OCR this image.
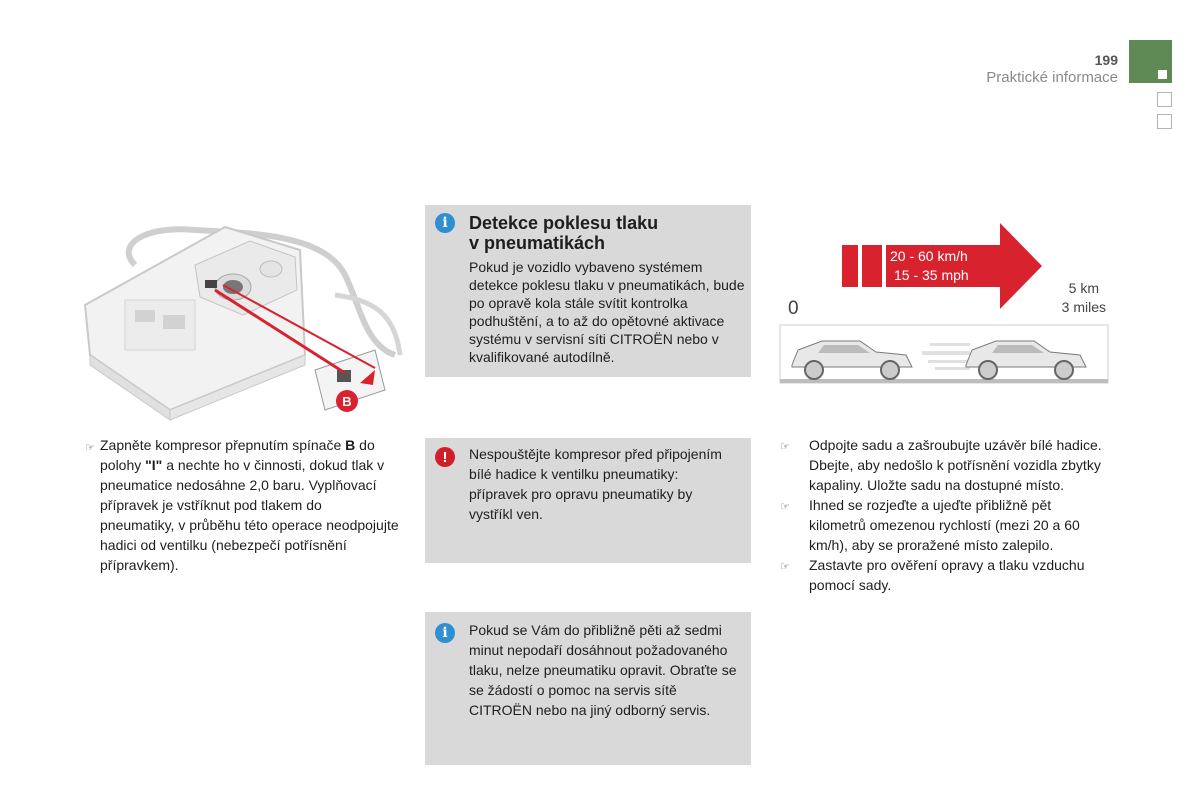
199
Praktické informace
B
i	Detekce poklesu tlaku
v pneumatikách
Pokud je vozidlo vybaveno systémem detekce poklesu tlaku v pneumatikách, bude po opravě kola stále svítit kontrolka podhuštění, a to až do opětovné aktivace systému v servisní síti CITROËN nebo v kvalifikované autodílně.
20 - 60 km/h
15 - 35 mph
0
5 km
3 miles
☞ Zapněte kompresor přepnutím spínače B do polohy "I" a nechte ho v činnosti, dokud tlak v pneumatice nedosáhne 2,0 baru. Vyplňovací přípravek je vstříknut pod tlakem do pneumatiky, v průběhu této operace neodpojujte hadici od ventilku (nebezpečí potřísnění přípravkem).

!	Nespouštějte kompresor před připojením bílé hadice k ventilku pneumatiky: přípravek pro opravu pneumatiky by vystříkl ven.
i	Pokud se Vám do přibližně pěti až sedmi minut nepodaří dosáhnout požadovaného tlaku, nelze pneumatiku opravit. Obraťte se se žádostí o pomoc na servis sítě CITROËN nebo na jiný odborný servis.
☞	Odpojte sadu a zašroubujte uzávěr bílé hadice.
Dbejte, aby nedošlo k potřísnění vozidla zbytky kapaliny. Uložte sadu na dostupné místo.
☞	Ihned se rozjeďte a ujeďte přibližně pět kilometrů omezenou rychlostí (mezi 20 a 60 km/h), aby se proražené místo zalepilo.
☞	Zastavte pro ověření opravy a tlaku vzduchu pomocí sady.
